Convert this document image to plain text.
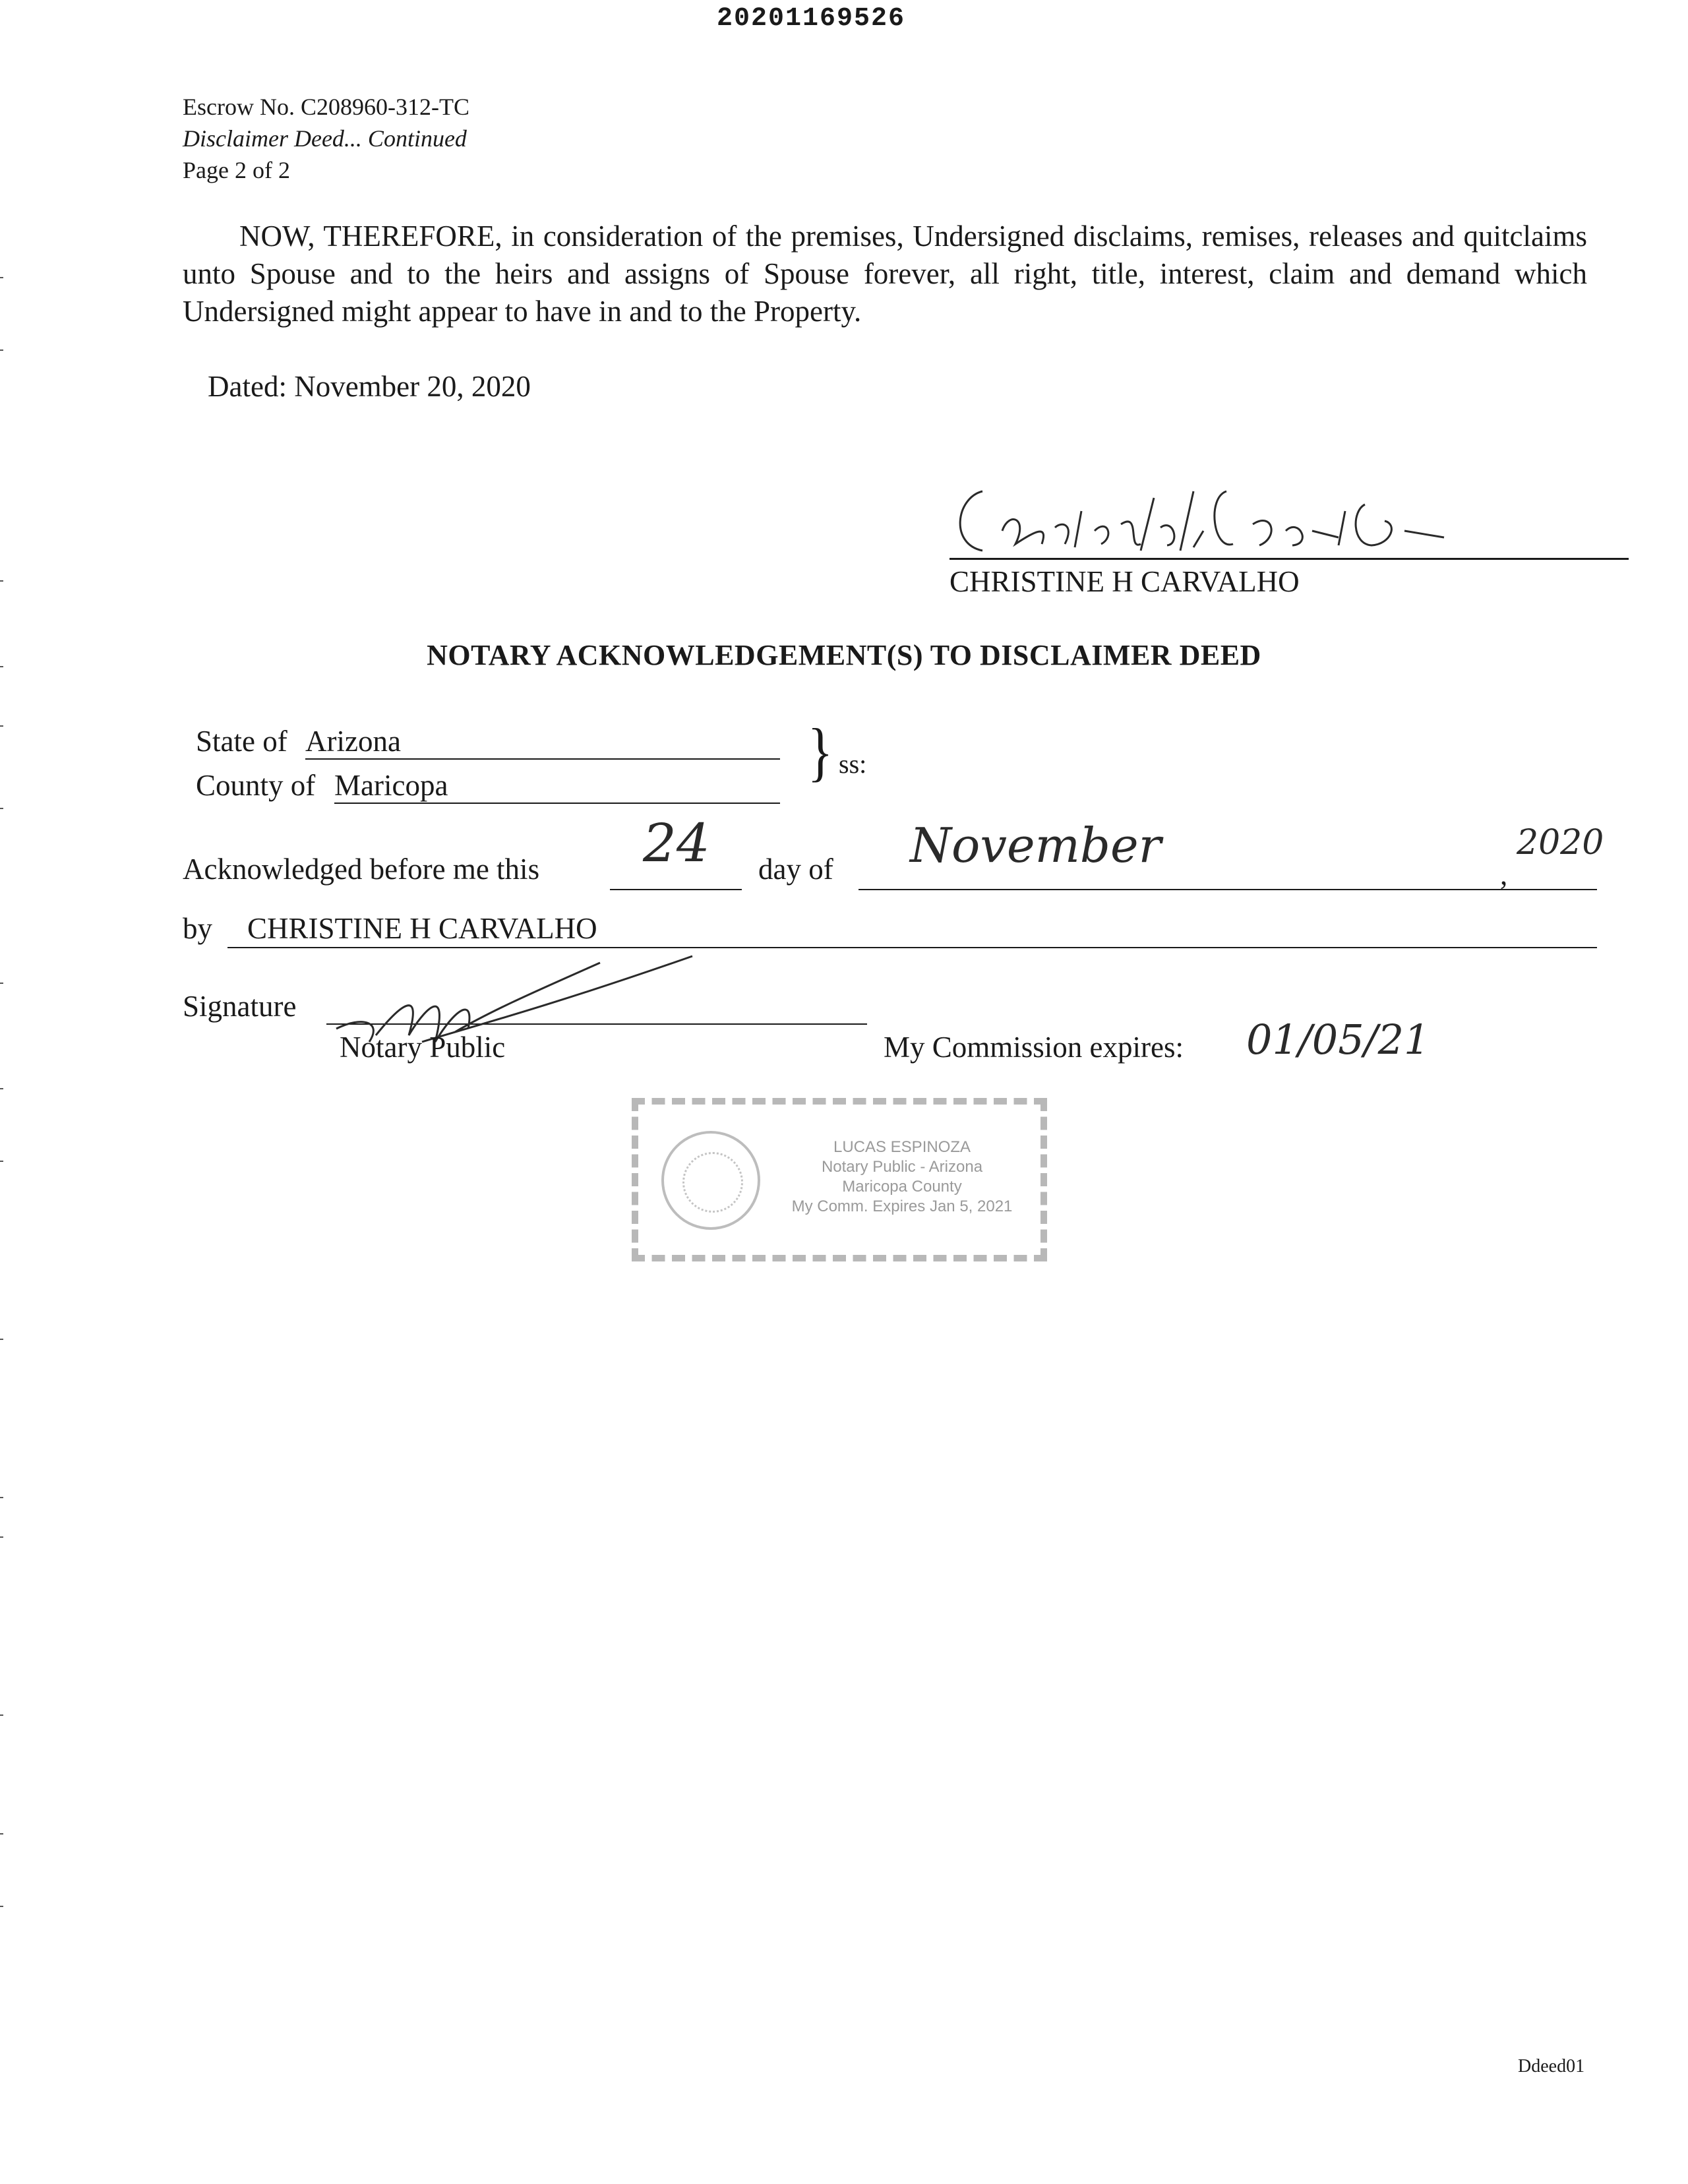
20201169526
Escrow No. C208960-312-TC
Disclaimer Deed... Continued
Page 2 of 2
NOW, THEREFORE, in consideration of the premises, Undersigned disclaims, remises, releases and quitclaims unto Spouse and to the heirs and assigns of Spouse forever, all right, title, interest, claim and demand which Undersigned might appear to have in and to the Property.
Dated: November 20, 2020
CHRISTINE H CARVALHO
NOTARY ACKNOWLEDGEMENT(S) TO DISCLAIMER DEED
State of Arizona
County of Maricopa	} ss:
Acknowledged before me this 24 day of November
,
2020
by CHRISTINE H CARVALHO
Signature
Notary Public	My Commission expires: 01/05/21
LUCAS ESPINOZA
Notary Public - Arizona
Maricopa County
My Comm. Expires Jan 5, 2021
Ddeed01
